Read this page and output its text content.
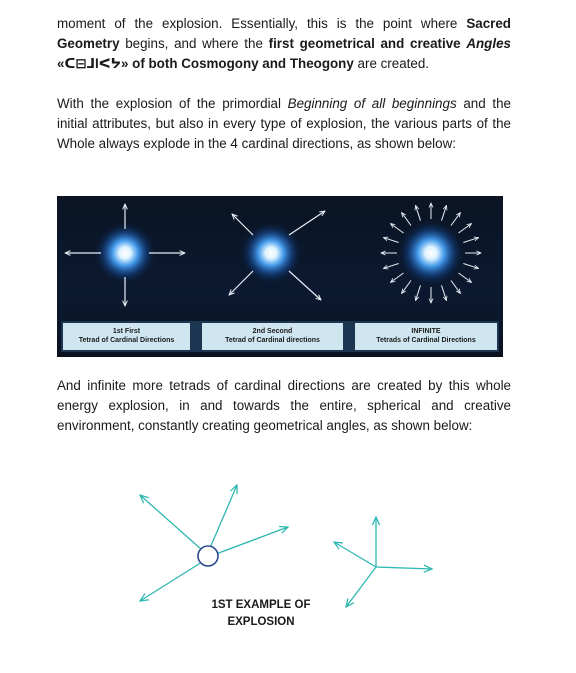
moment of the explosion. Essentially, this is the point where Sacred Geometry begins, and where the first geometrical and creative Angles «ᑕ⊟ᒧIᐸᔭ» of both Cosmogony and Theogony are created.

With the explosion of the primordial Beginning of all beginnings and the initial attributes, but also in every type of explosion, the various parts of the Whole always explode in the 4 cardinal directions, as shown below:

1st First
Tetrad of Cardinal Directions
2nd Second
Tetrad of Cardinal directions
INFINITE
Tetrads of Cardinal Directions

And infinite more tetrads of cardinal directions are created by this whole energy explosion, in and towards the entire, spherical and creative environment, constantly creating geometrical angles, as shown below:

1ST EXAMPLE OF
EXPLOSION
